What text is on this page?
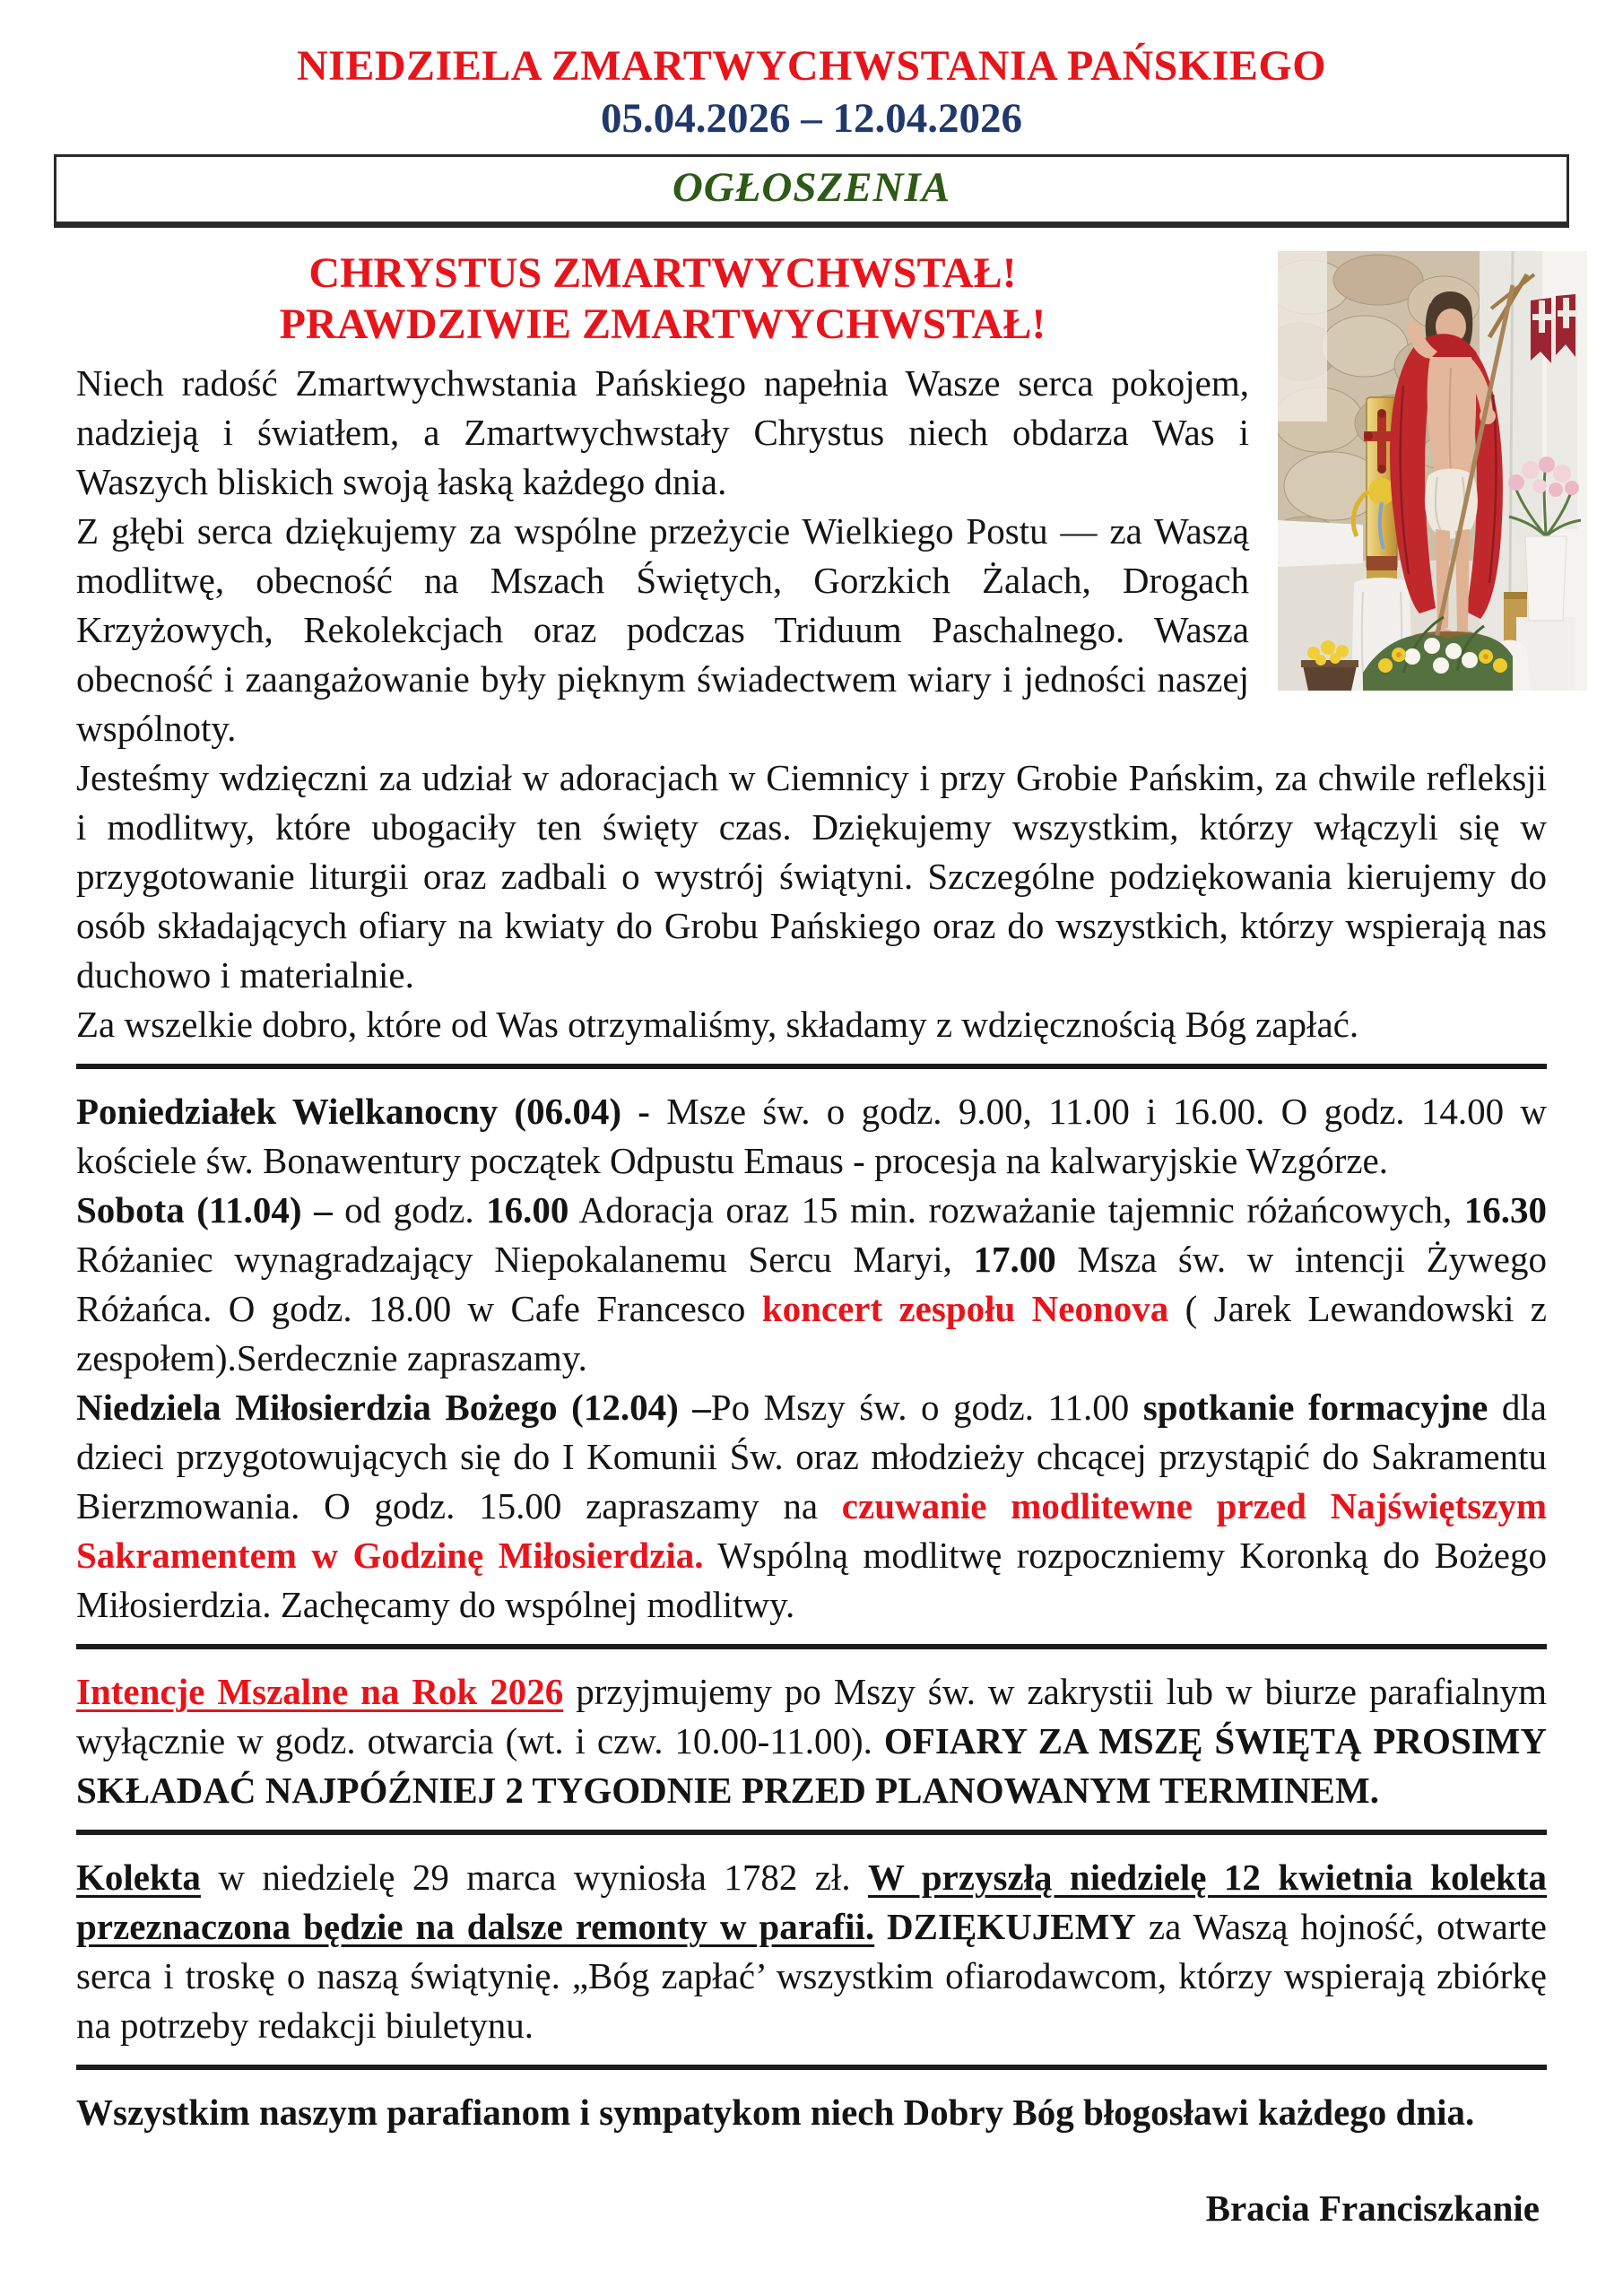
NIEDZIELA ZMARTWYCHWSTANIA PAŃSKIEGO
05.04.2026 – 12.04.2026
OGŁOSZENIA
CHRYSTUS ZMARTWYCHWSTAŁ!
PRAWDZIWIE ZMARTWYCHWSTAŁ!

Niech radość Zmartwychwstania Pańskiego napełnia Wasze serca pokojem, nadzieją i światłem, a Zmartwychwstały Chrystus niech obdarza Was i Waszych bliskich swoją łaską każdego dnia.

Z głębi serca dziękujemy za wspólne przeżycie Wielkiego Postu — za Waszą modlitwę, obecność na Mszach Świętych, Gorzkich Żalach, Drogach Krzyżowych, Rekolekcjach oraz podczas Triduum Paschalnego. Wasza obecność i zaangażowanie były pięknym świadectwem wiary i jedności naszej wspólnoty.

Jesteśmy wdzięczni za udział w adoracjach w Ciemnicy i przy Grobie Pańskim, za chwile refleksji i modlitwy, które ubogaciły ten święty czas. Dziękujemy wszystkim, którzy włączyli się w przygotowanie liturgii oraz zadbali o wystrój świątyni. Szczególne podziękowania kierujemy do osób składających ofiary na kwiaty do Grobu Pańskiego oraz do wszystkich, którzy wspierają nas duchowo i materialnie.

Za wszelkie dobro, które od Was otrzymaliśmy, składamy z wdzięcznością Bóg zapłać.

Poniedziałek Wielkanocny (06.04) - Msze św. o godz. 9.00, 11.00 i 16.00. O godz. 14.00 w kościele św. Bonawentury początek Odpustu Emaus - procesja na kalwaryjskie Wzgórze.

Sobota (11.04) – od godz. 16.00 Adoracja oraz 15 min. rozważanie tajemnic różańcowych, 16.30 Różaniec wynagradzający Niepokalanemu Sercu Maryi, 17.00 Msza św. w intencji Żywego Różańca. O godz. 18.00 w Cafe Francesco koncert zespołu Neonova ( Jarek Lewandowski z zespołem).Serdecznie zapraszamy.

Niedziela Miłosierdzia Bożego (12.04) –Po Mszy św. o godz. 11.00 spotkanie formacyjne dla dzieci przygotowujących się do I Komunii Św. oraz młodzieży chcącej przystąpić do Sakramentu Bierzmowania. O godz. 15.00 zapraszamy na czuwanie modlitewne przed Najświętszym Sakramentem w Godzinę Miłosierdzia. Wspólną modlitwę rozpoczniemy Koronką do Bożego Miłosierdzia. Zachęcamy do wspólnej modlitwy.

Intencje Mszalne na Rok 2026 przyjmujemy po Mszy św. w zakrystii lub w biurze parafialnym wyłącznie w godz. otwarcia (wt. i czw. 10.00-11.00). OFIARY ZA MSZĘ ŚWIĘTĄ PROSIMY SKŁADAĆ NAJPÓŹNIEJ 2 TYGODNIE PRZED PLANOWANYM TERMINEM.

Kolekta w niedzielę 29 marca wyniosła 1782 zł. W przyszłą niedzielę 12 kwietnia kolekta przeznaczona będzie na dalsze remonty w parafii. DZIĘKUJEMY za Waszą hojność, otwarte serca i troskę o naszą świątynię. „Bóg zapłać’ wszystkim ofiarodawcom, którzy wspierają zbiórkę na potrzeby redakcji biuletynu.

Wszystkim naszym parafianom i sympatykom niech Dobry Bóg błogosławi każdego dnia.

Bracia Franciszkanie
